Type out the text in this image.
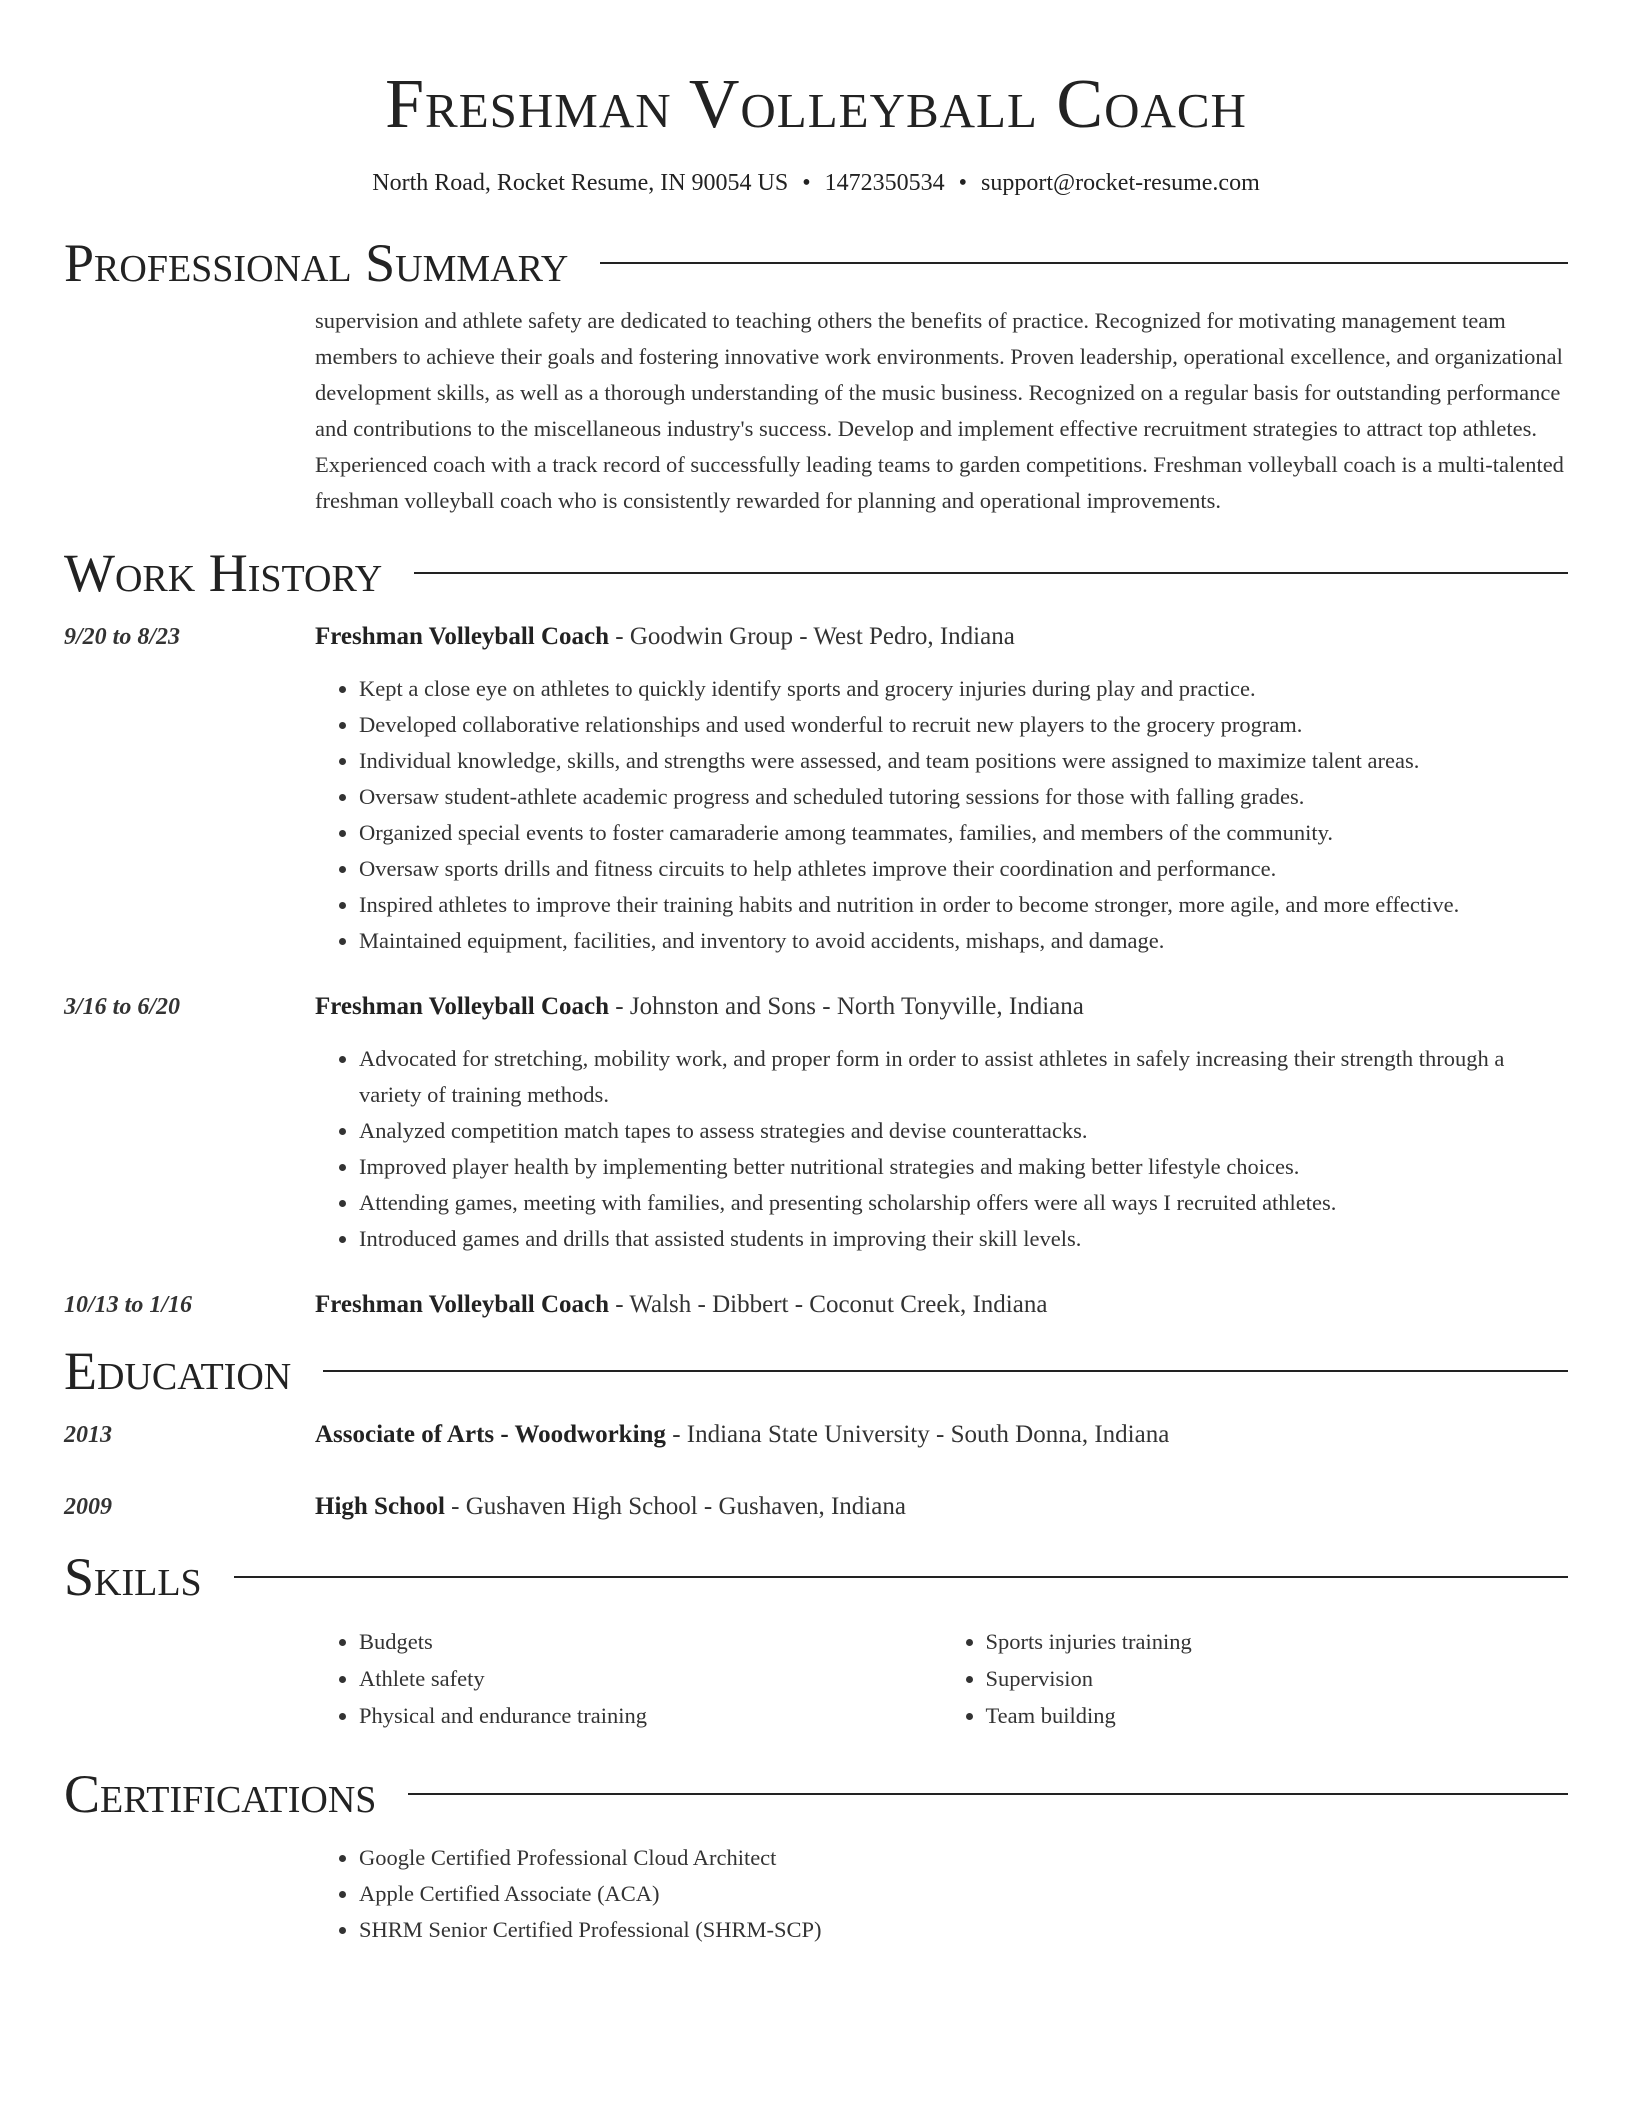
Freshman Volleyball Coach
North Road, Rocket Resume, IN 90054 US • 1472350534 • support@rocket-resume.com
Professional Summary
supervision and athlete safety are dedicated to teaching others the benefits of practice. Recognized for motivating management team members to achieve their goals and fostering innovative work environments. Proven leadership, operational excellence, and organizational development skills, as well as a thorough understanding of the music business. Recognized on a regular basis for outstanding performance and contributions to the miscellaneous industry's success. Develop and implement effective recruitment strategies to attract top athletes. Experienced coach with a track record of successfully leading teams to garden competitions. Freshman volleyball coach is a multi-talented freshman volleyball coach who is consistently rewarded for planning and operational improvements.
Work History
9/20 to 8/23	Freshman Volleyball Coach - Goodwin Group - West Pedro, Indiana
• Kept a close eye on athletes to quickly identify sports and grocery injuries during play and practice.
• Developed collaborative relationships and used wonderful to recruit new players to the grocery program.
• Individual knowledge, skills, and strengths were assessed, and team positions were assigned to maximize talent areas.
• Oversaw student-athlete academic progress and scheduled tutoring sessions for those with falling grades.
• Organized special events to foster camaraderie among teammates, families, and members of the community.
• Oversaw sports drills and fitness circuits to help athletes improve their coordination and performance.
• Inspired athletes to improve their training habits and nutrition in order to become stronger, more agile, and more effective.
• Maintained equipment, facilities, and inventory to avoid accidents, mishaps, and damage.
3/16 to 6/20	Freshman Volleyball Coach - Johnston and Sons - North Tonyville, Indiana
• Advocated for stretching, mobility work, and proper form in order to assist athletes in safely increasing their strength through a variety of training methods.
• Analyzed competition match tapes to assess strategies and devise counterattacks.
• Improved player health by implementing better nutritional strategies and making better lifestyle choices.
• Attending games, meeting with families, and presenting scholarship offers were all ways I recruited athletes.
• Introduced games and drills that assisted students in improving their skill levels.
10/13 to 1/16	Freshman Volleyball Coach - Walsh - Dibbert - Coconut Creek, Indiana
Education
2013	Associate of Arts - Woodworking - Indiana State University - South Donna, Indiana
2009	High School - Gushaven High School - Gushaven, Indiana
Skills
• Budgets
• Athlete safety
• Physical and endurance training
• Sports injuries training
• Supervision
• Team building
Certifications
• Google Certified Professional Cloud Architect
• Apple Certified Associate (ACA)
• SHRM Senior Certified Professional (SHRM-SCP)
